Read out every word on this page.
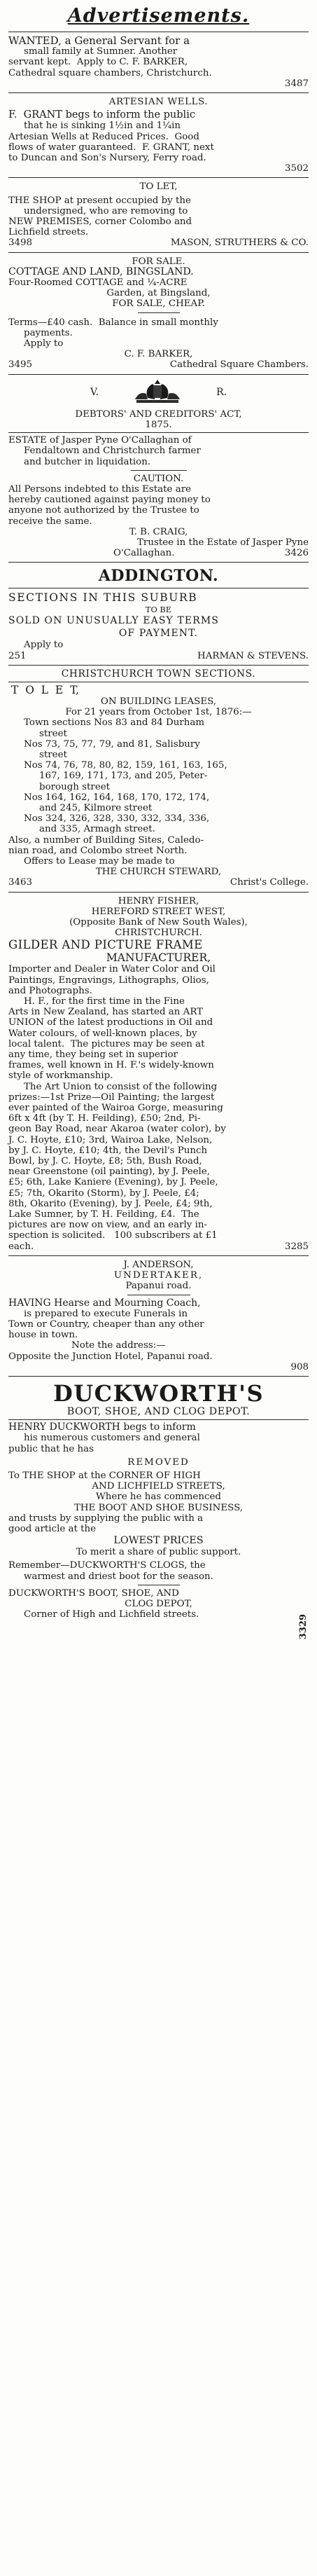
Advertisements.
WANTED, a General Servant for a
small family at Sumner. Another
servant kept.  Apply to C. F. BARKER,
Cathedral square chambers, Christchurch.
3487
ARTESIAN WELLS.
F.  GRANT begs to inform the public
that he is sinking 1½in and 1¼in
Artesian Wells at Reduced Prices.  Good
flows of water guaranteed.  F. GRANT, next
to Duncan and Son's Nursery, Ferry road.
3502
TO LET,
THE SHOP at present occupied by the
undersigned, who are removing to
NEW PREMISES, corner Colombo and
Lichfield streets.
3498	MASON, STRUTHERS & CO.
FOR SALE.
COTTAGE AND LAND, BINGSLAND.
Four-Roomed COTTAGE and ¼-ACRE
Garden, at Bingsland,
FOR SALE, CHEAP.
Terms—£40 cash.  Balance in small monthly
payments.
Apply to
C. F. BARKER,
3495	Cathedral Square Chambers.
V.	R.
DEBTORS' AND CREDITORS' ACT,
1875.
ESTATE of Jasper Pyne O'Callaghan of
Fendaltown and Christchurch farmer
and butcher in liquidation.
CAUTION.
All Persons indebted to this Estate are
hereby cautioned against paying money to
anyone not authorized by the Trustee to
receive the same.
T. B. CRAIG,
Trustee in the Estate of Jasper Pyne
O'Callaghan.	3426
ADDINGTON.
SECTIONS IN THIS SUBURB
TO BE
SOLD ON UNUSUALLY EASY TERMS
OF PAYMENT.
Apply to
251	HARMAN & STEVENS.
CHRISTCHURCH TOWN SECTIONS.
T  O  L  E  T,
ON BUILDING LEASES,
For 21 years from October 1st, 1876:—
Town sections Nos 83 and 84 Durham
street
Nos 73, 75, 77, 79, and 81, Salisbury
street
Nos 74, 76, 78, 80, 82, 159, 161, 163, 165,
167, 169, 171, 173, and 205, Peter-
borough street
Nos 164, 162, 164, 168, 170, 172, 174,
and 245, Kilmore street
Nos 324, 326, 328, 330, 332, 334, 336,
and 335, Armagh street.
Also, a number of Building Sites, Caledo-
nian road, and Colombo street North.
Offers to Lease may be made to
THE CHURCH STEWARD,
3463	Christ's College.
HENRY FISHER,
HEREFORD STREET WEST,
(Opposite Bank of New South Wales),
CHRISTCHURCH.
GILDER AND PICTURE FRAME
MANUFACTURER,
Importer and Dealer in Water Color and Oil
Paintings, Engravings, Lithographs, Olios,
and Photographs.
H. F., for the first time in the Fine
Arts in New Zealand, has started an ART
UNION of the latest productions in Oil and
Water colours, of well-known places, by
local talent.  The pictures may be seen at
any time, they being set in superior
frames, well known in H. F.'s widely-known
style of workmanship.
The Art Union to consist of the following
prizes:—1st Prize—Oil Painting; the largest
ever painted of the Wairoa Gorge, measuring
6ft x 4ft (by T. H. Feilding), £50; 2nd, Pi-
geon Bay Road, near Akaroa (water color), by
J. C. Hoyte, £10; 3rd, Wairoa Lake, Nelson,
by J. C. Hoyte, £10; 4th, the Devil's Punch
Bowl, by J. C. Hoyte, £8; 5th, Bush Road,
near Greenstone (oil painting), by J. Peele,
£5; 6th, Lake Kaniere (Evening), by J. Peele,
£5; 7th, Okarito (Storm), by J. Peele, £4;
8th, Okarito (Evening), by J. Peele, £4; 9th,
Lake Sumner, by T. H. Feilding, £4.  The
pictures are now on view, and an early in-
spection is solicited.   100 subscribers at £1
each.	3285
J. ANDERSON,
UNDERTAKER,
Papanui road.
HAVING Hearse and Mourning Coach,
is prepared to execute Funerals in
Town or Country, cheaper than any other
house in town.
Note the address:—
Opposite the Junction Hotel, Papanui road.
908
DUCKWORTH'S
BOOT, SHOE, AND CLOG DEPOT.
HENRY DUCKWORTH begs to inform
his numerous customers and general
public that he has
REMOVED
To THE SHOP at the CORNER OF HIGH
AND LICHFIELD STREETS,
Where he has commenced
THE BOOT AND SHOE BUSINESS,
and trusts by supplying the public with a
good article at the
LOWEST PRICES
To merit a share of public support.
Remember—DUCKWORTH'S CLOGS, the
warmest and driest boot for the season.
DUCKWORTH'S BOOT, SHOE, AND
CLOG DEPOT,
Corner of High and Lichfield streets.	3329
